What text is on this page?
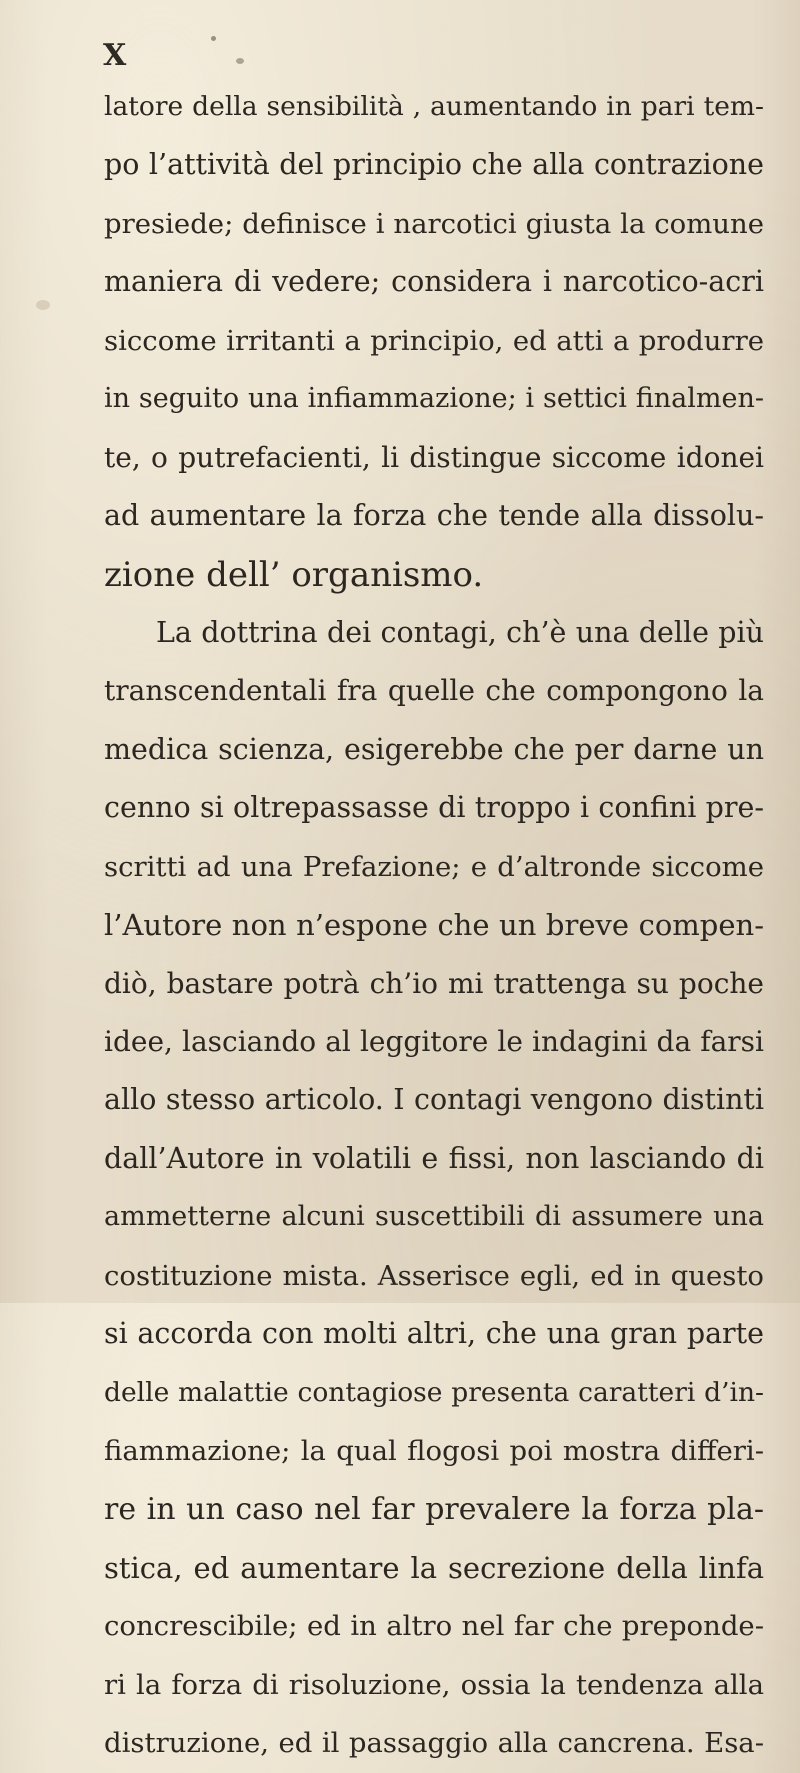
X
latore della sensibilità , aumentando in pari tem-
po l’attività del principio che alla contrazione
presiede; definisce i narcotici giusta la comune
maniera di vedere; considera i narcotico-acri
siccome irritanti a principio, ed atti a produrre
in seguito una infiammazione; i settici finalmen-
te, o putrefacienti, li distingue siccome idonei
ad aumentare la forza che tende alla dissolu-
zione dell’ organismo.
La dottrina dei contagi, ch’è una delle più
transcendentali fra quelle che compongono la
medica scienza, esigerebbe che per darne un
cenno si oltrepassasse di troppo i confini pre-
scritti ad una Prefazione; e d’altronde siccome
l’Autore non n’espone che un breve compen-
diò, bastare potrà ch’io mi trattenga su poche
idee, lasciando al leggitore le indagini da farsi
allo stesso articolo. I contagi vengono distinti
dall’Autore in volatili e fissi, non lasciando di
ammetterne alcuni suscettibili di assumere una
costituzione mista. Asserisce egli, ed in questo
si accorda con molti altri, che una gran parte
delle malattie contagiose presenta caratteri d’in-
fiammazione; la qual flogosi poi mostra differi-
re in un caso nel far prevalere la forza pla-
stica, ed aumentare la secrezione della linfa
concrescibile; ed in altro nel far che preponde-
ri la forza di risoluzione, ossia la tendenza alla
distruzione, ed il passaggio alla cancrena. Esa-
